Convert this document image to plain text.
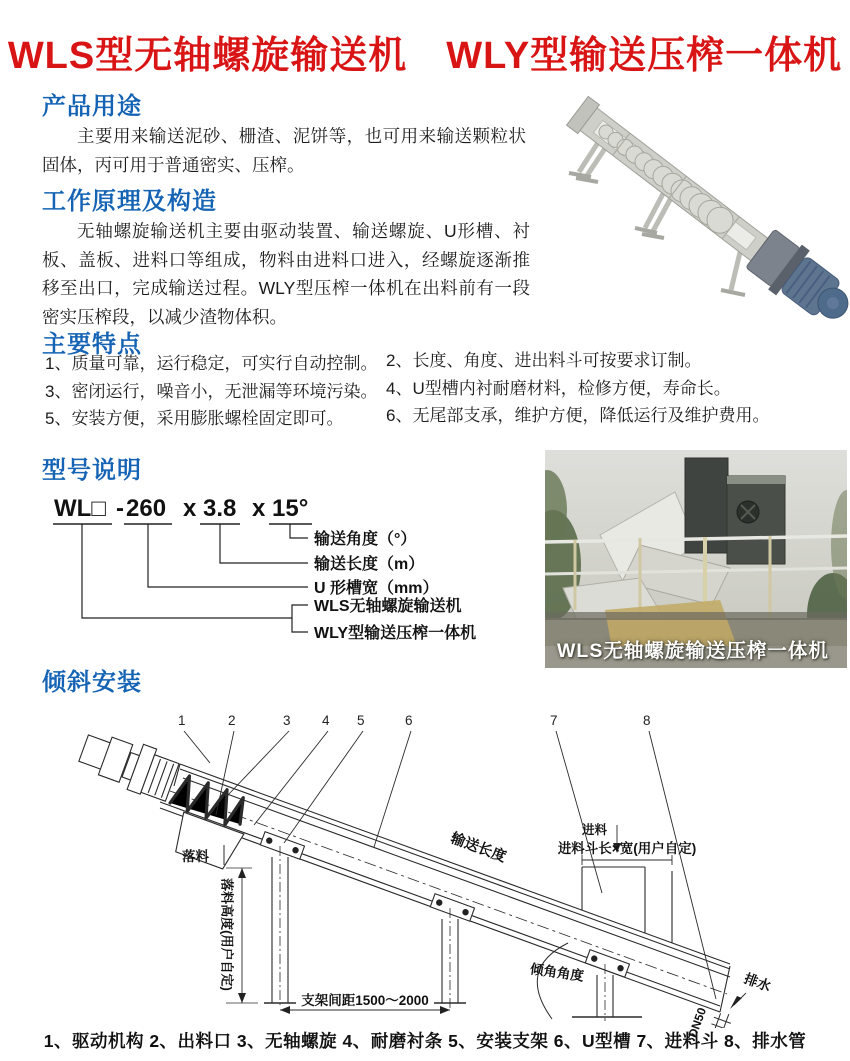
WLS型无轴螺旋输送机　WLY型输送压榨一体机
产品用途
主要用来输送泥砂、栅渣、泥饼等，也可用来输送颗粒状固体，丙可用于普通密实、压榨。
工作原理及构造
无轴螺旋输送机主要由驱动装置、输送螺旋、U形槽、衬板、盖板、进料口等组成，物料由进料口进入，经螺旋逐渐推移至出口，完成输送过程。WLY型压榨一体机在出料前有一段密实压榨段，以减少渣物体积。
主要特点
1、质量可靠，运行稳定，可实行自动控制。
3、密闭运行，噪音小，无泄漏等环境污染。
5、安装方便，采用膨胀螺栓固定即可。
2、长度、角度、进出料斗可按要求订制。
4、U型槽内衬耐磨材料，检修方便，寿命长。
6、无尾部支承，维护方便，降低运行及维护费用。
型号说明
WL□ - 260 x 3.8 x 15°
输送角度（°）
输送长度（m）
U 形槽宽（mm）
WLS无轴螺旋输送机
WLY型输送压榨一体机
WLS无轴螺旋输送压榨一体机
倾斜安装
1	2	3 4 5	6	7	8
落料
落料高度(用户自定)
支架间距1500～2000
输送长度
进料
进料斗长×宽(用户自定)
倾角角度	排水
DN50
1、驱动机构 2、出料口 3、无轴螺旋 4、耐磨衬条 5、安装支架 6、U型槽 7、进料斗 8、排水管
